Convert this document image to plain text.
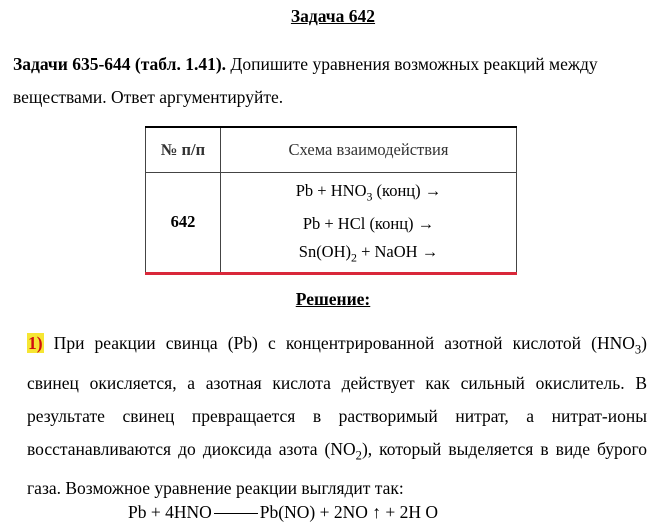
Задача 642

Задачи 635-644 (табл. 1.41). Допишите уравнения возможных реакций между веществами. Ответ аргументируйте.

№ п/п	Схема взаимодействия
642	$Pb + HNO_3$ (конц) →
Pb + HCl (конц) →
$Sn(OH)_2$ + NaOH →
Решение:

1) При реакции свинца (Pb) с концентрированной азотной кислотой $(HNO_3)$ свинец окисляется, а азотная кислота действует как сильный окислитель. В результате свинец превращается в растворимый нитрат, а нитрат-ионы восстанавливаются до диоксида азота $(NO_2)$, который выделяется в виде бурого газа. Возможное уравнение реакции выглядит так:

Pb + 4HNO	Pb(NO) + 2NO ↑ + 2H O
